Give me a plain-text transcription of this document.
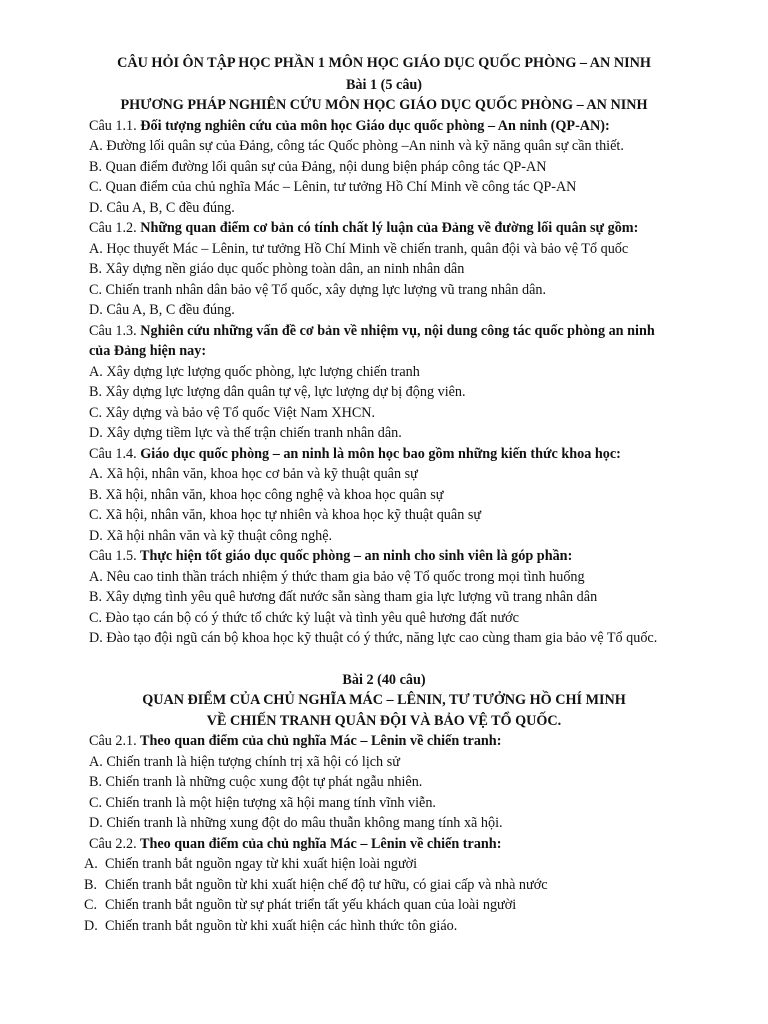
CÂU HỎI ÔN TẬP HỌC PHẦN 1 MÔN HỌC GIÁO DỤC QUỐC PHÒNG – AN NINH
Bài 1 (5 câu)
PHƯƠNG PHÁP NGHIÊN CỨU MÔN HỌC GIÁO DỤC QUỐC PHÒNG – AN NINH
Câu 1.1. Đối tượng nghiên cứu của môn học Giáo dục quốc phòng – An ninh (QP-AN):
A. Đường lối quân sự của Đảng, công tác Quốc phòng –An ninh và kỹ năng quân sự cần thiết.
B. Quan điểm đường lối quân sự của Đảng, nội dung biện pháp công tác QP-AN
C. Quan điểm của chủ nghĩa Mác – Lênin, tư tưởng Hồ Chí Minh về công tác QP-AN
D. Câu A, B, C đều đúng.
Câu 1.2. Những quan điểm cơ bản có tính chất lý luận của Đảng về đường lối quân sự gồm:
A. Học thuyết Mác – Lênin, tư tưởng Hồ Chí Minh về chiến tranh, quân đội và bảo vệ Tổ quốc
B. Xây dựng nền giáo dục quốc phòng toàn dân, an ninh nhân dân
C. Chiến tranh nhân dân bảo vệ Tổ quốc, xây dựng lực lượng vũ trang nhân dân.
D. Câu A, B, C đều đúng.
Câu 1.3. Nghiên cứu những vấn đề cơ bản về nhiệm vụ, nội dung công tác quốc phòng an ninh
của Đảng hiện nay:
A. Xây dựng lực lượng quốc phòng, lực lượng chiến tranh
B. Xây dựng lực lượng dân quân tự vệ, lực lượng dự bị động viên.
C. Xây dựng và bảo vệ Tổ quốc Việt Nam XHCN.
D. Xây dựng tiềm lực và thế trận chiến tranh nhân dân.
Câu 1.4. Giáo dục quốc phòng – an ninh là môn học bao gồm những kiến thức khoa học:
A. Xã hội, nhân văn, khoa học cơ bản và kỹ thuật quân sự
B. Xã hội, nhân văn, khoa học công nghệ và khoa học quân sự
C. Xã hội, nhân văn, khoa học tự nhiên và khoa học kỹ thuật quân sự
D. Xã hội nhân văn và kỹ thuật công nghệ.
Câu 1.5. Thực hiện tốt giáo dục quốc phòng – an ninh cho sinh viên là góp phần:
A. Nêu cao tinh thần trách nhiệm ý thức tham gia bảo vệ Tổ quốc trong mọi tình huống
B. Xây dựng tình yêu quê hương đất nước sẵn sàng tham gia lực lượng vũ trang nhân dân
C. Đào tạo cán bộ có ý thức tổ chức kỷ luật và tình yêu quê hương đất nước
D. Đào tạo đội ngũ cán bộ khoa học kỹ thuật có ý thức, năng lực cao cùng tham gia bảo vệ Tổ quốc.
Bài 2 (40 câu)
QUAN ĐIỂM CỦA CHỦ NGHĨA MÁC – LÊNIN, TƯ TƯỞNG HỒ CHÍ MINH
VỀ CHIẾN TRANH QUÂN ĐỘI VÀ BẢO VỆ TỔ QUỐC.
Câu 2.1. Theo quan điểm của chủ nghĩa Mác – Lênin về chiến tranh:
A. Chiến tranh là hiện tượng chính trị xã hội có lịch sử
B. Chiến tranh là những cuộc xung đột tự phát ngẫu nhiên.
C. Chiến tranh là một hiện tượng xã hội mang tính vĩnh viễn.
D. Chiến tranh là những xung đột do mâu thuẫn không mang tính xã hội.
Câu 2.2. Theo quan điểm của chủ nghĩa Mác – Lênin về chiến tranh:
A. Chiến tranh bắt nguồn ngay từ khi xuất hiện loài người
B. Chiến tranh bắt nguồn từ khi xuất hiện chế độ tư hữu, có giai cấp và nhà nước
C. Chiến tranh bắt nguồn từ sự phát triển tất yếu khách quan của loài người
D. Chiến tranh bắt nguồn từ khi xuất hiện các hình thức tôn giáo.
